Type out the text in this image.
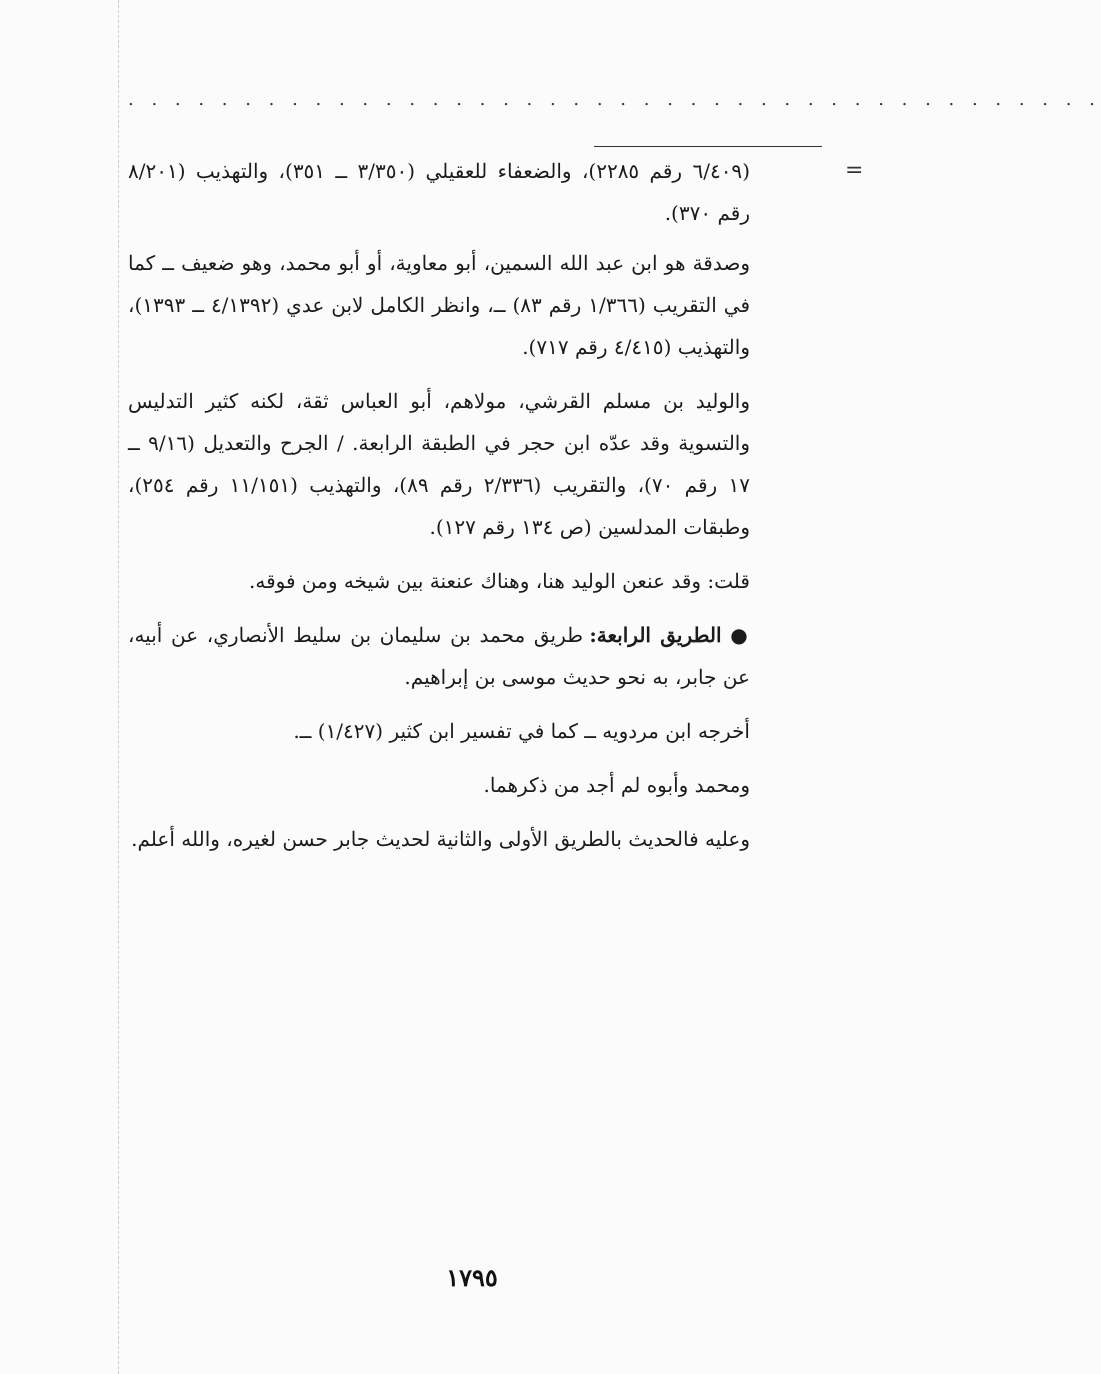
. . . . . . . . . . . . . . . . . . . . . . . . . . . . . . . . . . . . . . . . . .
=

(٦/٤٠٩ رقم ٢٢٨٥)، والضعفاء للعقيلي (٣/٣٥٠ ــ ٣٥١)، والتهذيب (٨/٢٠١ رقم ٣٧٠).

وصدقة هو ابن عبد الله السمين، أبو معاوية، أو أبو محمد، وهو ضعيف ــ كما في التقريب (١/٣٦٦ رقم ٨٣) ــ، وانظر الكامل لابن عدي (٤/١٣٩٢ ــ ١٣٩٣)، والتهذيب (٤/٤١٥ رقم ٧١٧).

والوليد بن مسلم القرشي، مولاهم، أبو العباس ثقة، لكنه كثير التدليس والتسوية وقد عدّه ابن حجر في الطبقة الرابعة. / الجرح والتعديل (٩/١٦ ــ ١٧ رقم ٧٠)، والتقريب (٢/٣٣٦ رقم ٨٩)، والتهذيب (١١/١٥١ رقم ٢٥٤)، وطبقات المدلسين (ص ١٣٤ رقم ١٢٧).

قلت: وقد عنعن الوليد هنا، وهناك عنعنة بين شيخه ومن فوقه.

● الطريق الرابعة: طريق محمد بن سليمان بن سليط الأنصاري، عن أبيه، عن جابر، به نحو حديث موسى بن إبراهيم.

أخرجه ابن مردويه ــ كما في تفسير ابن كثير (١/٤٢٧) ــ.

ومحمد وأبوه لم أجد من ذكرهما.

وعليه فالحديث بالطريق الأولى والثانية لحديث جابر حسن لغيره، والله أعلم.

١٧٩٥
